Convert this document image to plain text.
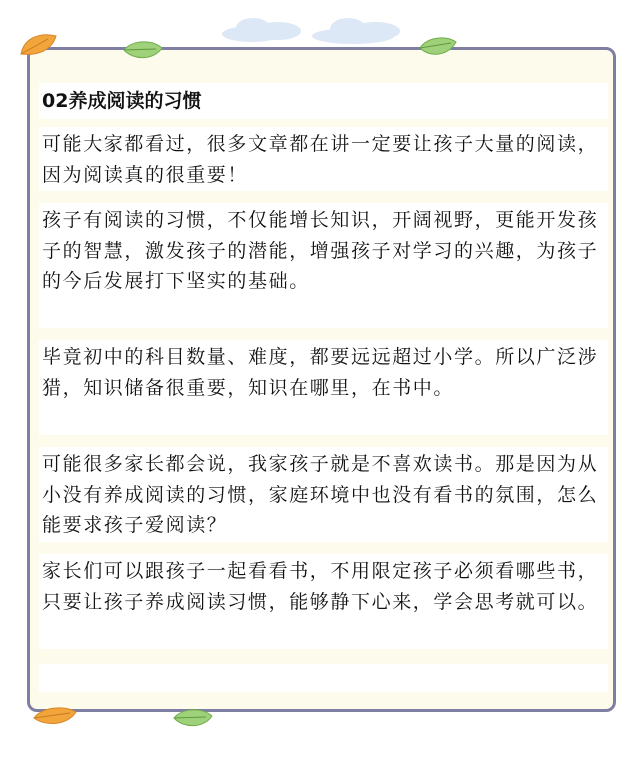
02养成阅读的习惯
可能大家都看过，很多文章都在讲一定要让孩子大量的阅读，因为阅读真的很重要！
孩子有阅读的习惯，不仅能增长知识，开阔视野，更能开发孩子的智慧，激发孩子的潜能，增强孩子对学习的兴趣，为孩子的今后发展打下坚实的基础。
毕竟初中的科目数量、难度，都要远远超过小学。所以广泛涉猎，知识储备很重要，知识在哪里，在书中。
可能很多家长都会说，我家孩子就是不喜欢读书。那是因为从小没有养成阅读的习惯，家庭环境中也没有看书的氛围，怎么能要求孩子爱阅读？
家长们可以跟孩子一起看看书，不用限定孩子必须看哪些书，只要让孩子养成阅读习惯，能够静下心来，学会思考就可以。
